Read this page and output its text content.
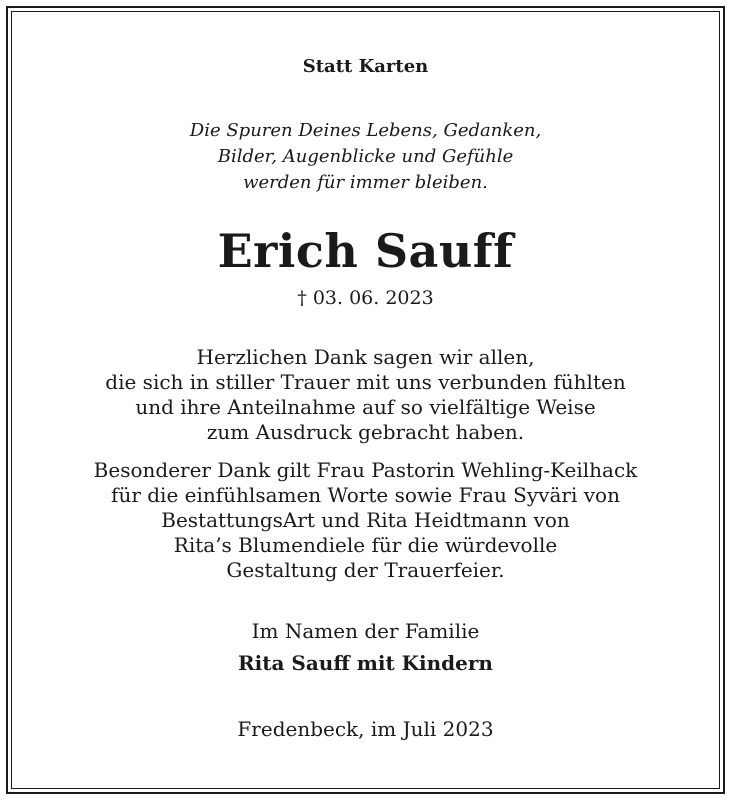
Statt Karten
Die Spuren Deines Lebens, Gedanken,
Bilder, Augenblicke und Gefühle
werden für immer bleiben.
Erich Sauff
† 03. 06. 2023
Herzlichen Dank sagen wir allen,
die sich in stiller Trauer mit uns verbunden fühlten
und ihre Anteilnahme auf so vielfältige Weise
zum Ausdruck gebracht haben.
Besonderer Dank gilt Frau Pastorin Wehling-Keilhack
für die einfühlsamen Worte sowie Frau Syväri von
BestattungsArt und Rita Heidtmann von
Rita’s Blumendiele für die würdevolle
Gestaltung der Trauerfeier.
Im Namen der Familie
Rita Sauff mit Kindern
Fredenbeck, im Juli 2023
